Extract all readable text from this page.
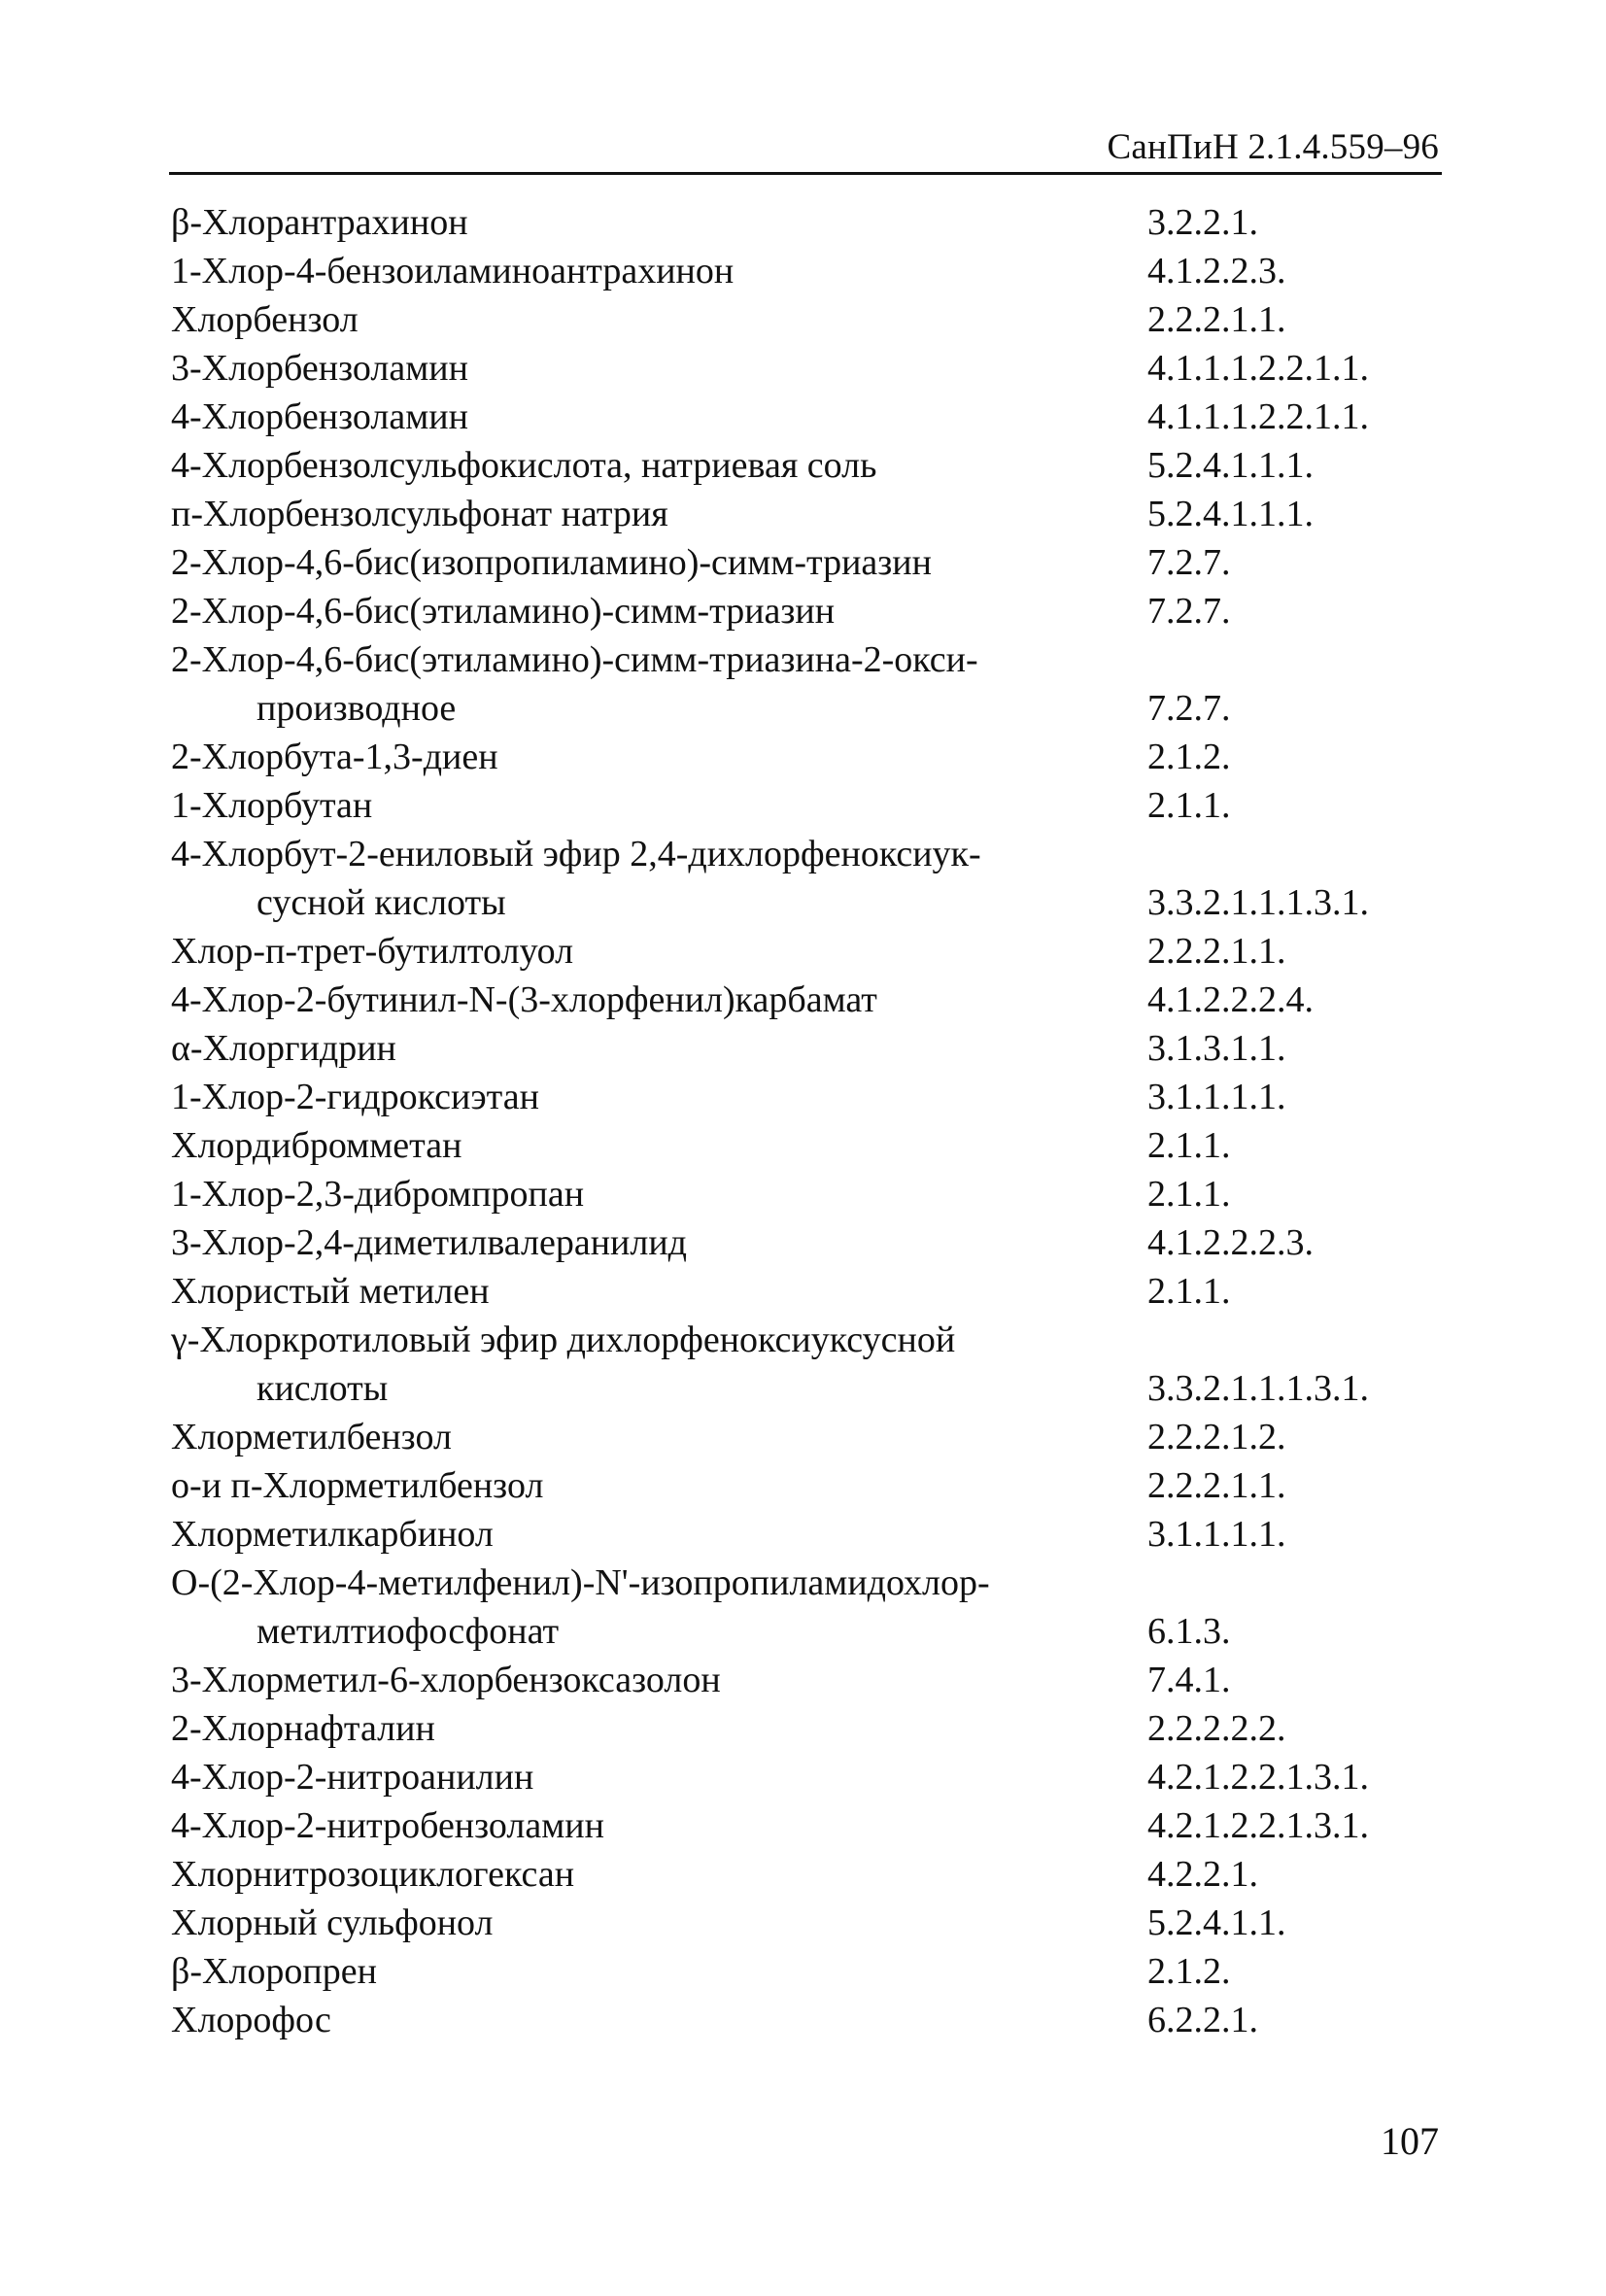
СанПиН 2.1.4.559–96
β-Хлорантрахинон	3.2.2.1.
1-Хлор-4-бензоиламиноантрахинон	4.1.2.2.3.
Хлорбензол	2.2.2.1.1.
3-Хлорбензоламин	4.1.1.1.2.2.1.1.
4-Хлорбензоламин	4.1.1.1.2.2.1.1.
4-Хлорбензолсульфокислота, натриевая соль	5.2.4.1.1.1.
п-Хлорбензолсульфонат натрия	5.2.4.1.1.1.
2-Хлор-4,6-бис(изопропиламино)-симм-триазин	7.2.7.
2-Хлор-4,6-бис(этиламино)-симм-триазин	7.2.7.
2-Хлор-4,6-бис(этиламино)-симм-триазина-2-окси-
производное	7.2.7.
2-Хлорбута-1,3-диен	2.1.2.
1-Хлорбутан	2.1.1.
4-Хлорбут-2-ениловый эфир 2,4-дихлорфеноксиук-
сусной кислоты	3.3.2.1.1.1.3.1.
Хлор-п-трет-бутилтолуол	2.2.2.1.1.
4-Хлор-2-бутинил-N-(3-хлорфенил)карбамат	4.1.2.2.2.4.
α-Хлоргидрин	3.1.3.1.1.
1-Хлор-2-гидроксиэтан	3.1.1.1.1.
Хлордибромметан	2.1.1.
1-Хлор-2,3-дибромпропан	2.1.1.
3-Хлор-2,4-диметилвалеранилид	4.1.2.2.2.3.
Хлористый метилен	2.1.1.
γ-Хлоркротиловый эфир дихлорфеноксиуксусной
кислоты	3.3.2.1.1.1.3.1.
Хлорметилбензол	2.2.2.1.2.
о-и п-Хлорметилбензол	2.2.2.1.1.
Хлорметилкарбинол	3.1.1.1.1.
О-(2-Хлор-4-метилфенил)-N'-изопропиламидохлор-
метилтиофосфонат	6.1.3.
3-Хлорметил-6-хлорбензоксазолон	7.4.1.
2-Хлорнафталин	2.2.2.2.2.
4-Хлор-2-нитроанилин	4.2.1.2.2.1.3.1.
4-Хлор-2-нитробензоламин	4.2.1.2.2.1.3.1.
Хлорнитрозоциклогексан	4.2.2.1.
Хлорный сульфонол	5.2.4.1.1.
β-Хлоропрен	2.1.2.
Хлорофос	6.2.2.1.
107
